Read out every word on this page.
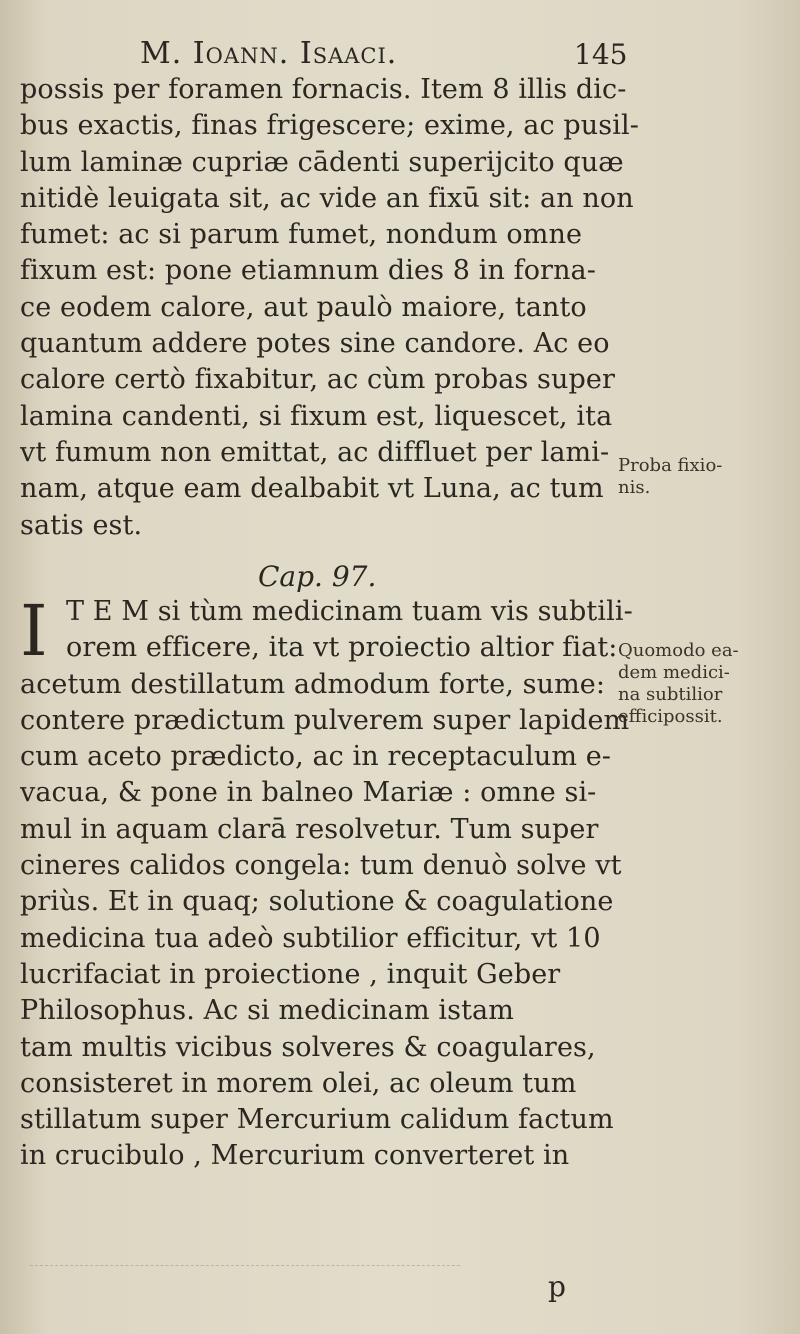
M. Ioann. Isaaci.	145
possis per foramen fornacis. Item 8 illis dic-
bus exactis, finas frigescere; exime, ac pusil-
lum laminæ cupriæ cādenti superijcito quæ
nitidè leuigata sit, ac vide an fixū sit: an non
fumet: ac si parum fumet, nondum omne
fixum est: pone etiamnum dies 8 in forna-
ce eodem calore, aut paulò maiore, tanto
quantum addere potes sine candore. Ac eo
calore certò fixabitur, ac cùm probas super
lamina candenti, si fixum est, liquescet, ita
vt fumum non emittat, ac diffluet per lami-
nam, atque eam dealbabit vt Luna, ac tum
satis est.
Cap. 97.
I T E M si tùm medicinam tuam vis subtili-
orem efficere, ita vt proiectio altior fiat:
acetum destillatum admodum forte, sume:
contere prædictum pulverem super lapidem
cum aceto prædicto, ac in receptaculum e-
vacua, & pone in balneo Mariæ : omne si-
mul in aquam clarā resolvetur. Tum super
cineres calidos congela: tum denuò solve vt
priùs. Et in quaq; solutione & coagulatione
medicina tua adeò subtilior efficitur, vt 10
lucrifaciat in proiectione , inquit Geber
Philosophus. Ac si medicinam istam
tam multis vicibus solveres & coagulares,
consisteret in morem olei, ac oleum tum
stillatum super Mercurium calidum factum
in crucibulo , Mercurium converteret in
Proba fixio-
nis.
Quomodo ea-
dem medici-
na subtilior
efficipossit.
p
